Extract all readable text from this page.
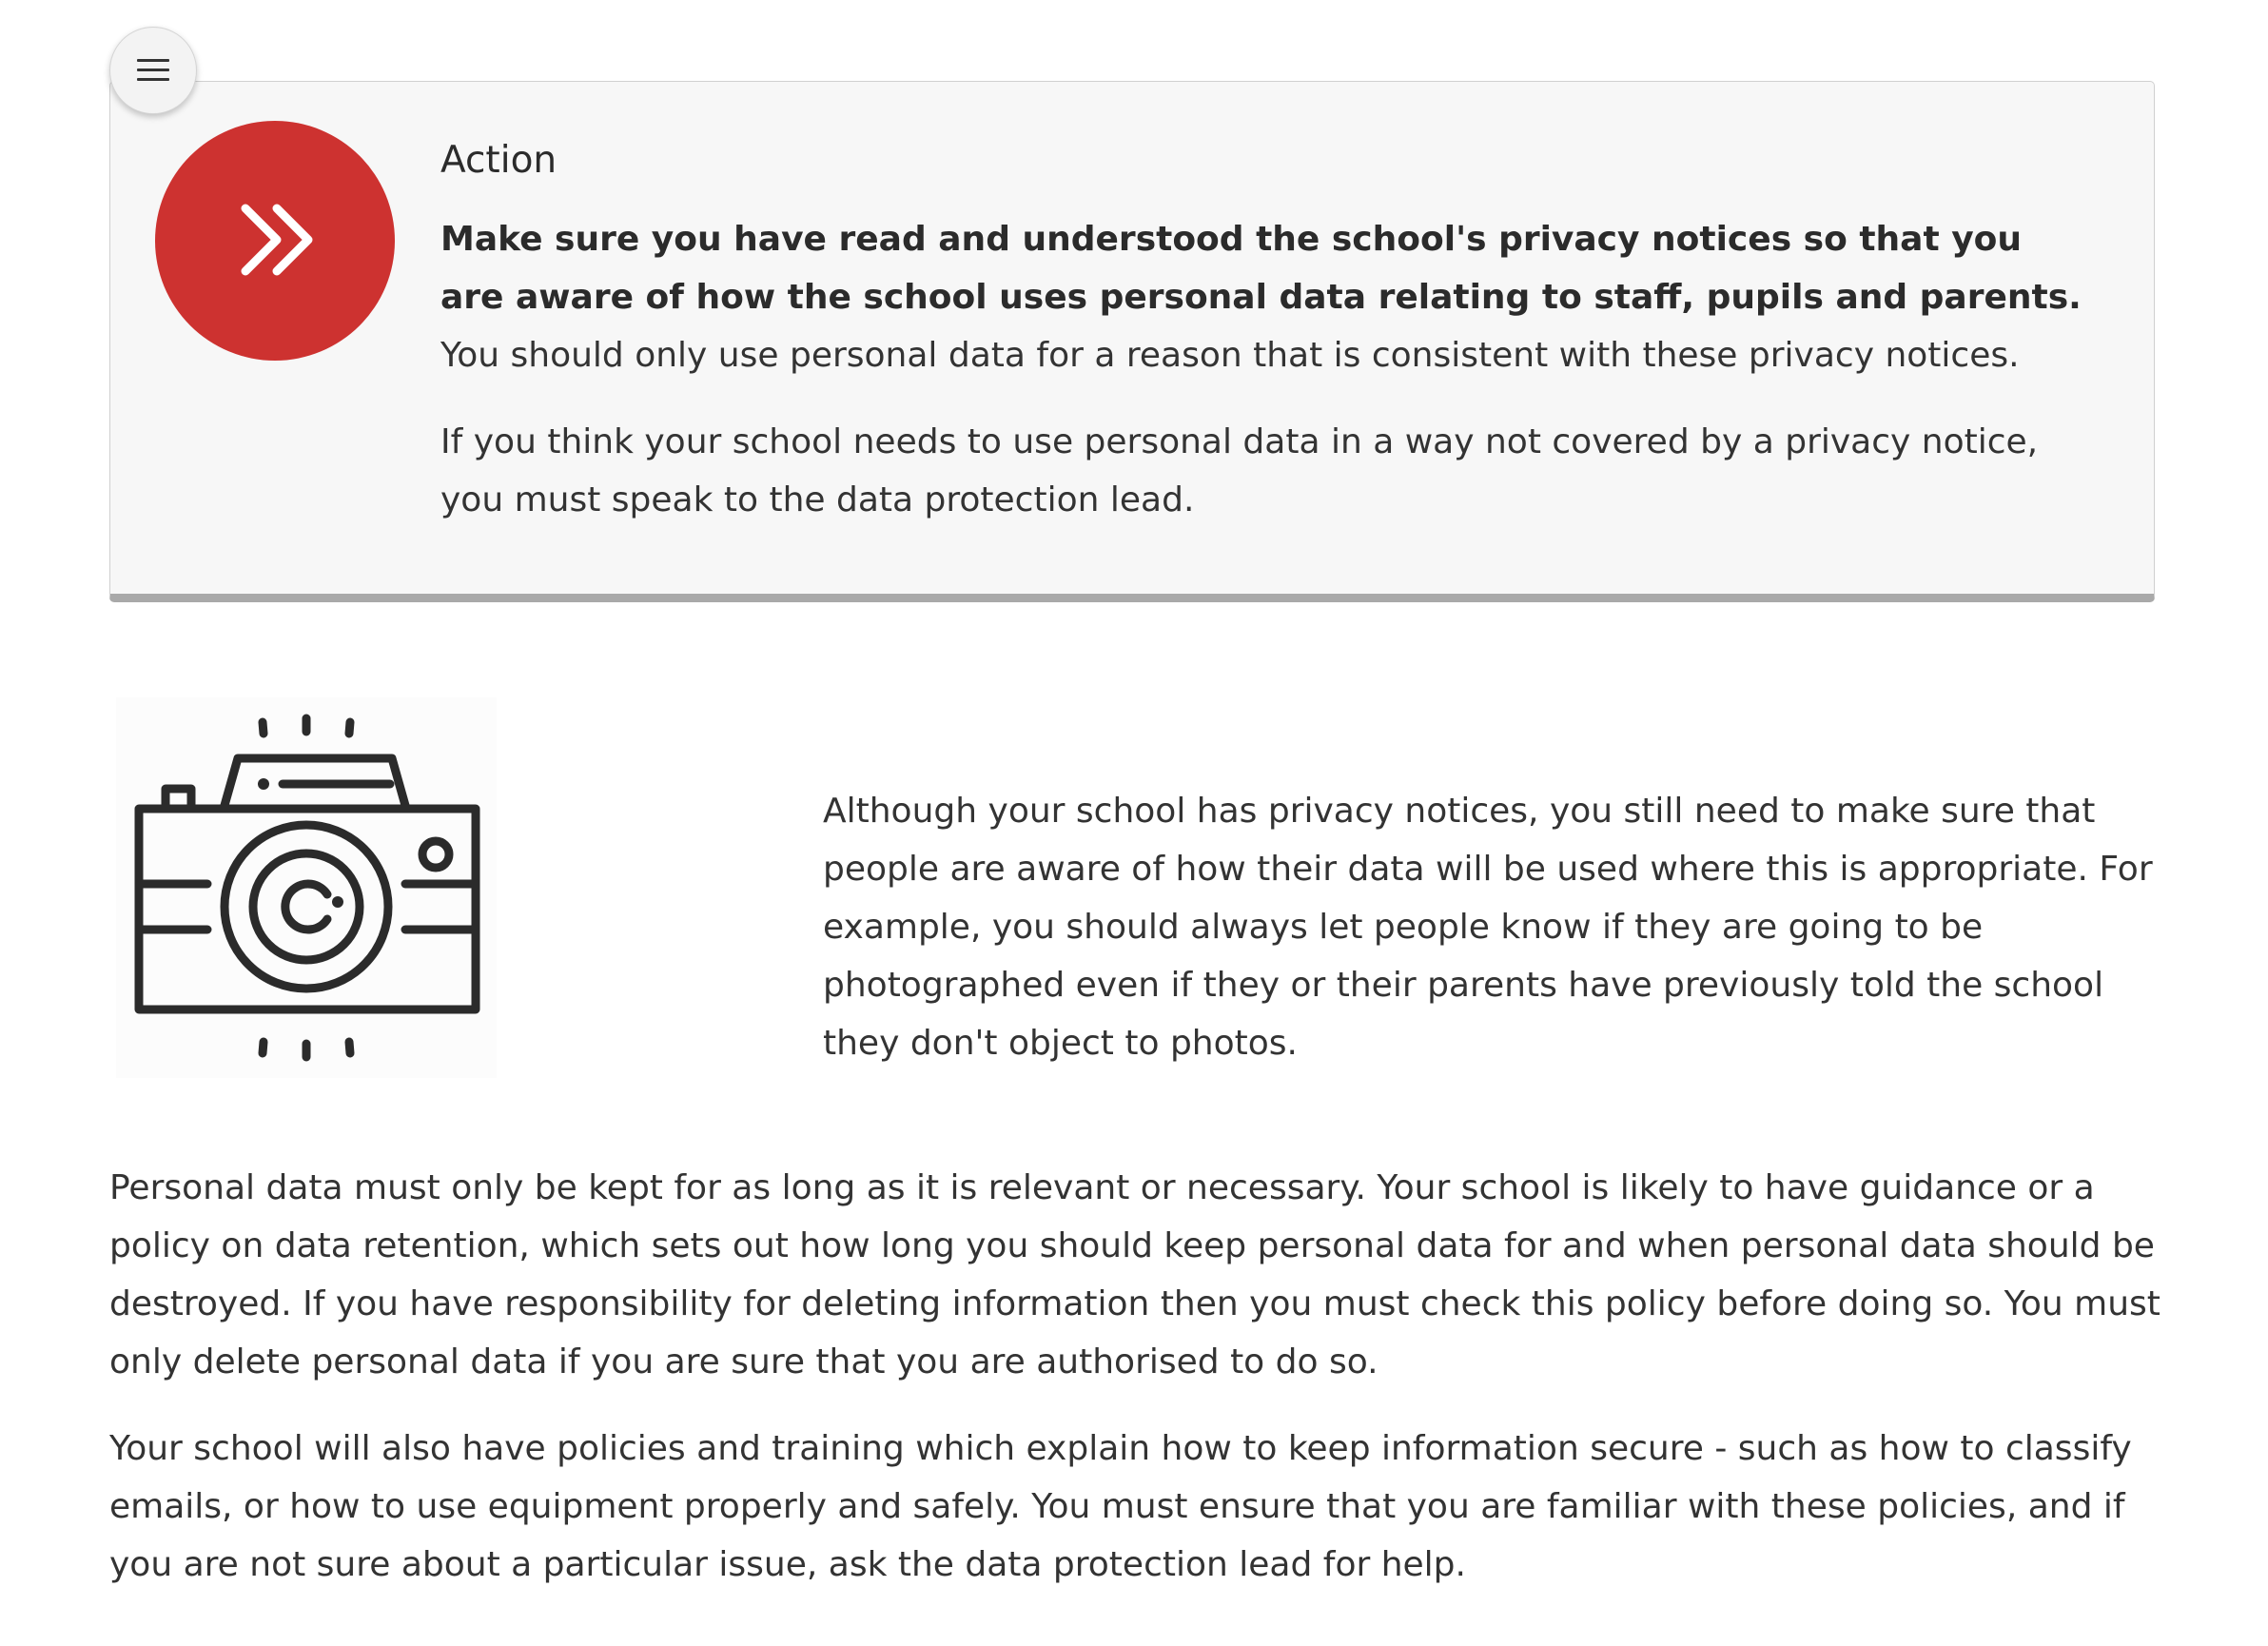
Action

Make sure you have read and understood the school's privacy notices so that you are aware of how the school uses personal data relating to staff, pupils and parents. You should only use personal data for a reason that is consistent with these privacy notices.

If you think your school needs to use personal data in a way not covered by a privacy notice, you must speak to the data protection lead.

Although your school has privacy notices, you still need to make sure that people are aware of how their data will be used where this is appropriate. For example, you should always let people know if they are going to be photographed even if they or their parents have previously told the school they don't object to photos.

Personal data must only be kept for as long as it is relevant or necessary. Your school is likely to have guidance or a policy on data retention, which sets out how long you should keep personal data for and when personal data should be destroyed. If you have responsibility for deleting information then you must check this policy before doing so. You must only delete personal data if you are sure that you are authorised to do so.

Your school will also have policies and training which explain how to keep information secure - such as how to classify emails, or how to use equipment properly and safely. You must ensure that you are familiar with these policies, and if you are not sure about a particular issue, ask the data protection lead for help.
